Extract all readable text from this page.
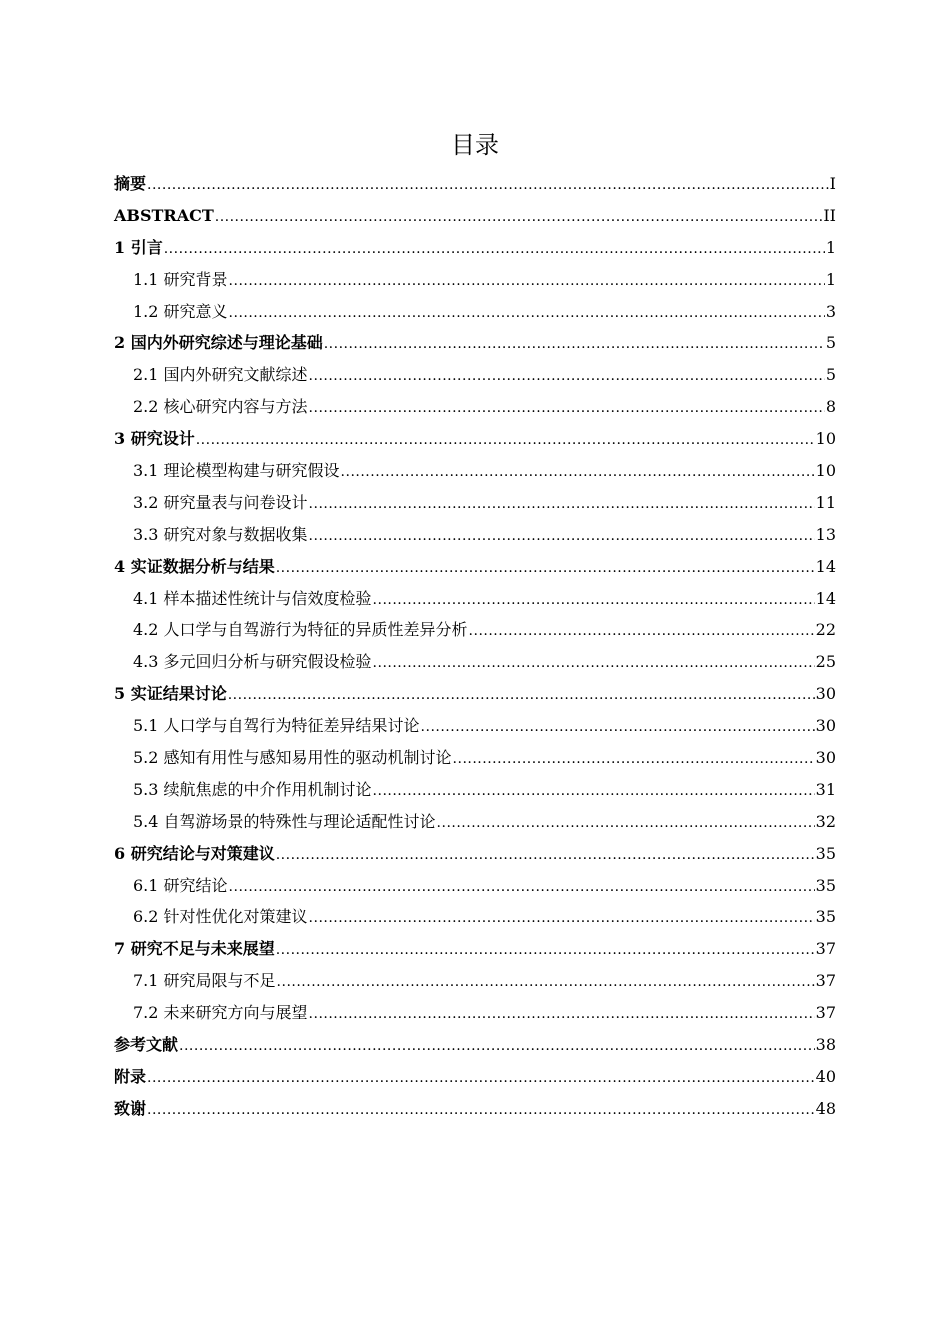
目录
摘要 .....	I
ABSTRACT .....	II
1 引言 .....	1
1.1 研究背景 .....	1
1.2 研究意义 .....	3
2 国内外研究综述与理论基础 .....	5
2.1 国内外研究文献综述 .....	5
2.2 核心研究内容与方法 .....	8
3 研究设计 .....	10
3.1 理论模型构建与研究假设 .....	10
3.2 研究量表与问卷设计 .....	11
3.3 研究对象与数据收集 .....	13
4 实证数据分析与结果 .....	14
4.1 样本描述性统计与信效度检验 .....	14
4.2 人口学与自驾游行为特征的异质性差异分析 .....	22
4.3 多元回归分析与研究假设检验 .....	25
5 实证结果讨论 .....	30
5.1 人口学与自驾行为特征差异结果讨论 .....	30
5.2 感知有用性与感知易用性的驱动机制讨论 .....	30
5.3 续航焦虑的中介作用机制讨论 .....	31
5.4 自驾游场景的特殊性与理论适配性讨论 .....	32
6 研究结论与对策建议 .....	35
6.1 研究结论 .....	35
6.2 针对性优化对策建议 .....	35
7 研究不足与未来展望 .....	37
7.1 研究局限与不足 .....	37
7.2 未来研究方向与展望 .....	37
参考文献 .....	38
附录 .....	40
致谢 .....	48
